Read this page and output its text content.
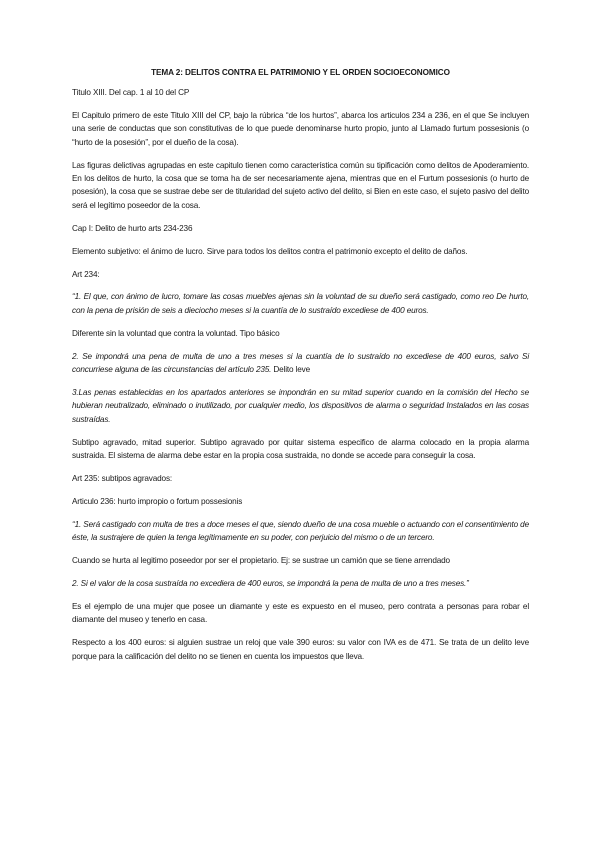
TEMA 2: DELITOS CONTRA EL PATRIMONIO Y EL ORDEN SOCIOECONOMICO

Titulo XIII. Del cap. 1 al 10 del CP

El Capitulo primero de este Titulo XIII del CP, bajo la rúbrica “de los hurtos”, abarca los articulos 234 a 236, en el que Se incluyen una serie de conductas que son constitutivas de lo que puede denominarse hurto propio, junto al Llamado furtum possesionis (o “hurto de la posesión”, por el dueño de la cosa).

Las figuras delictivas agrupadas en este capitulo tienen como característica común su tipificación como delitos de Apoderamiento. En los delitos de hurto, la cosa que se toma ha de ser necesariamente ajena, mientras que en el Furtum possesionis (o hurto de posesión), la cosa que se sustrae debe ser de titularidad del sujeto activo del delito, si Bien en este caso, el sujeto pasivo del delito será el legítimo poseedor de la cosa.

Cap I: Delito de hurto arts 234-236

Elemento subjetivo: el ánimo de lucro. Sirve para todos los delitos contra el patrimonio excepto el delito de daños.

Art 234:

“1. El que, con ánimo de lucro, tomare las cosas muebles ajenas sin la voluntad de su dueño será castigado, como reo De hurto, con la pena de prisión de seis a dieciocho meses si la cuantía de lo sustraído excediese de 400 euros.

Diferente sin la voluntad que contra la voluntad. Tipo básico

2. Se impondrá una pena de multa de uno a tres meses si la cuantía de lo sustraído no excediese de 400 euros, salvo Si concurriese alguna de las circunstancias del artículo 235. Delito leve

3.Las penas establecidas en los apartados anteriores se impondrán en su mitad superior cuando en la comisión del Hecho se hubieran neutralizado, eliminado o inutilizado, por cualquier medio, los dispositivos de alarma o seguridad Instalados en las cosas sustraídas.

Subtipo agravado, mitad superior. Subtipo agravado por quitar sistema especifico de alarma colocado en la propia alarma sustraida. El sistema de alarma debe estar en la propia cosa sustraida, no donde se accede para conseguir la cosa.

Art 235: subtipos agravados:

Articulo 236: hurto impropio o fortum possesionis

“1. Será castigado con multa de tres a doce meses el que, siendo dueño de una cosa mueble o actuando con el consentimiento de éste, la sustrajere de quien la tenga legítimamente en su poder, con perjuicio del mismo o de un tercero.

Cuando se hurta al legitimo poseedor por ser el propietario. Ej: se sustrae un camión que se tiene arrendado

2. Si el valor de la cosa sustraída no excediera de 400 euros, se impondrá la pena de multa de uno a tres meses.”

Es el ejemplo de una mujer que posee un diamante y este es expuesto en el museo, pero contrata a personas para robar el diamante del museo y tenerlo en casa.

Respecto a los 400 euros: si alguien sustrae un reloj que vale 390 euros: su valor con IVA es de 471. Se trata de un delito leve porque para la calificación del delito no se tienen en cuenta los impuestos que lleva.
